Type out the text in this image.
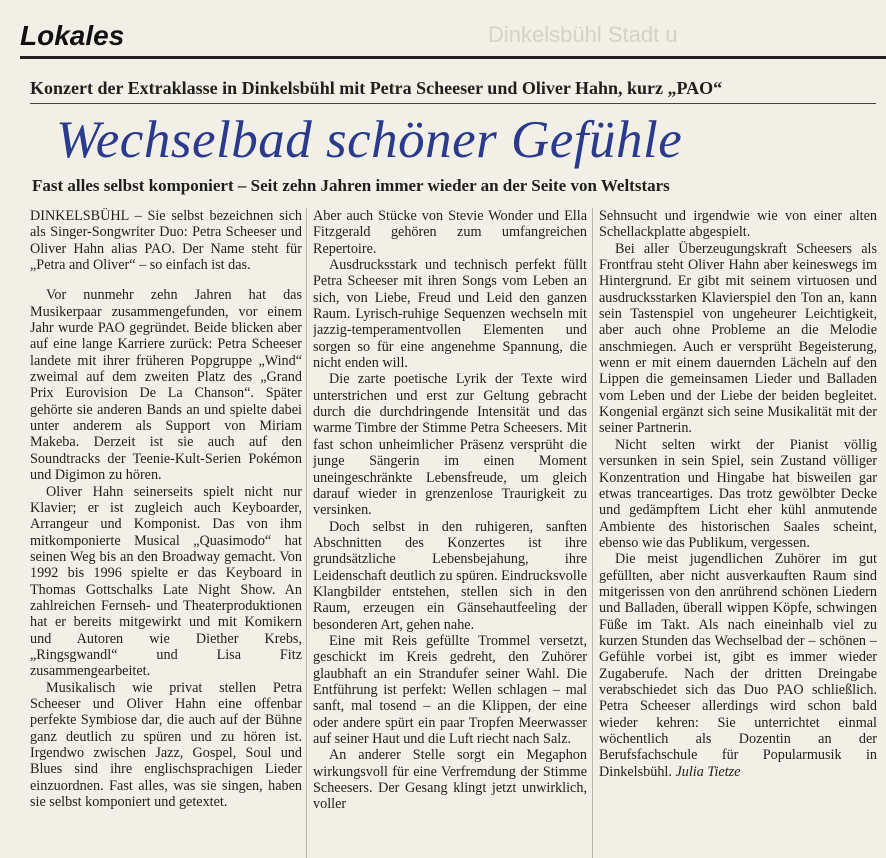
Lokales	Dinkelsbühl Stadt u
Konzert der Extraklasse in Dinkelsbühl mit Petra Scheeser und Oliver Hahn, kurz „PAO“
Wechselbad schöner Gefühle
Fast alles selbst komponiert – Seit zehn Jahren immer wieder an der Seite von Weltstars

DINKELSBÜHL – Sie selbst bezeichnen sich als Singer-Songwriter Duo: Petra Scheeser und Oliver Hahn alias PAO. Der Name steht für „Petra and Oliver“ – so einfach ist das.

Vor nunmehr zehn Jahren hat das Musikerpaar zusammengefunden, vor einem Jahr wurde PAO gegründet. Beide blicken aber auf eine lange Karriere zurück: Petra Scheeser landete mit ihrer früheren Popgruppe „Wind“ zweimal auf dem zweiten Platz des „Grand Prix Eurovision De La Chanson“. Später gehörte sie anderen Bands an und spielte dabei unter anderem als Support von Miriam Makeba. Derzeit ist sie auch auf den Soundtracks der Teenie-Kult-Serien Pokémon und Digimon zu hören.

Oliver Hahn seinerseits spielt nicht nur Klavier; er ist zugleich auch Keyboarder, Arrangeur und Komponist. Das von ihm mitkomponierte Musical „Quasimodo“ hat seinen Weg bis an den Broadway gemacht. Von 1992 bis 1996 spielte er das Keyboard in Thomas Gottschalks Late Night Show. An zahlreichen Fernseh- und Theaterproduktionen hat er bereits mitgewirkt und mit Komikern und Autoren wie Diether Krebs, „Ringsgwandl“ und Lisa Fitz zusammengearbeitet.

Musikalisch wie privat stellen Petra Scheeser und Oliver Hahn eine offenbar perfekte Symbiose dar, die auch auf der Bühne ganz deutlich zu spüren und zu hören ist. Irgendwo zwischen Jazz, Gospel, Soul und Blues sind ihre englischsprachigen Lieder einzuordnen. Fast alles, was sie singen, haben sie selbst komponiert und getextet.

Aber auch Stücke von Stevie Wonder und Ella Fitzgerald gehören zum umfangreichen Repertoire.

Ausdrucksstark und technisch perfekt füllt Petra Scheeser mit ihren Songs vom Leben an sich, von Liebe, Freud und Leid den ganzen Raum. Lyrisch-ruhige Sequenzen wechseln mit jazzig-temperamentvollen Elementen und sorgen so für eine angenehme Spannung, die nicht enden will.

Die zarte poetische Lyrik der Texte wird unterstrichen und erst zur Geltung gebracht durch die durchdringende Intensität und das warme Timbre der Stimme Petra Scheesers. Mit fast schon unheimlicher Präsenz versprüht die junge Sängerin im einen Moment uneingeschränkte Lebensfreude, um gleich darauf wieder in grenzenlose Traurigkeit zu versinken.

Doch selbst in den ruhigeren, sanften Abschnitten des Konzertes ist ihre grundsätzliche Lebensbejahung, ihre Leidenschaft deutlich zu spüren. Eindrucksvolle Klangbilder entstehen, stellen sich in den Raum, erzeugen ein Gänsehautfeeling der besonderen Art, gehen nahe.

Eine mit Reis gefüllte Trommel versetzt, geschickt im Kreis gedreht, den Zuhörer glaubhaft an ein Strandufer seiner Wahl. Die Entführung ist perfekt: Wellen schlagen – mal sanft, mal tosend – an die Klippen, der eine oder andere spürt ein paar Tropfen Meerwasser auf seiner Haut und die Luft riecht nach Salz.

An anderer Stelle sorgt ein Megaphon wirkungsvoll für eine Verfremdung der Stimme Scheesers. Der Gesang klingt jetzt unwirklich, voller

Sehnsucht und irgendwie wie von einer alten Schellackplatte abgespielt.

Bei aller Überzeugungskraft Scheesers als Frontfrau steht Oliver Hahn aber keineswegs im Hintergrund. Er gibt mit seinem virtuosen und ausdrucksstarken Klavierspiel den Ton an, kann sein Tastenspiel von ungeheurer Leichtigkeit, aber auch ohne Probleme an die Melodie anschmiegen. Auch er versprüht Begeisterung, wenn er mit einem dauernden Lächeln auf den Lippen die gemeinsamen Lieder und Balladen vom Leben und der Liebe der beiden begleitet. Kongenial ergänzt sich seine Musikalität mit der seiner Partnerin.

Nicht selten wirkt der Pianist völlig versunken in sein Spiel, sein Zustand völliger Konzentration und Hingabe hat bisweilen gar etwas tranceartiges. Das trotz gewölbter Decke und gedämpftem Licht eher kühl anmutende Ambiente des historischen Saales scheint, ebenso wie das Publikum, vergessen.

Die meist jugendlichen Zuhörer im gut gefüllten, aber nicht ausverkauften Raum sind mitgerissen von den anrührend schönen Liedern und Balladen, überall wippen Köpfe, schwingen Füße im Takt. Als nach eineinhalb viel zu kurzen Stunden das Wechselbad der – schönen – Gefühle vorbei ist, gibt es immer wieder Zugaberufe. Nach der dritten Dreingabe verabschiedet sich das Duo PAO schließlich. Petra Scheeser allerdings wird schon bald wieder kehren: Sie unterrichtet einmal wöchentlich als Dozentin an der Berufsfachschule für Popularmusik in Dinkelsbühl. Julia Tietze
